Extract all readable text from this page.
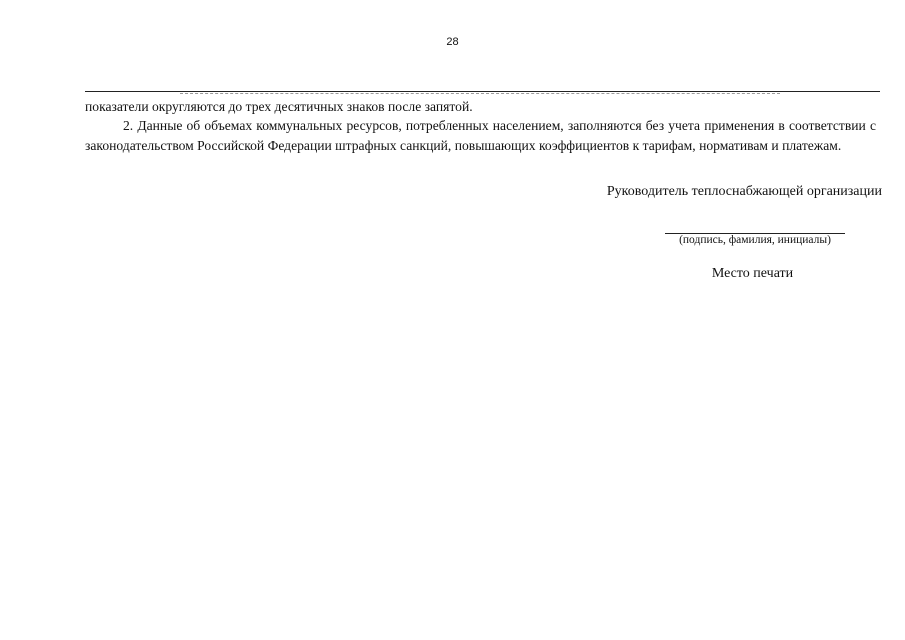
28

показатели округляются до трех десятичных знаков после запятой.

2. Данные об объемах коммунальных ресурсов, потребленных населением, заполняются без учета применения в соответствии с законодательством Российской Федерации штрафных санкций, повышающих коэффициентов к тарифам, нормативам и платежам.

Руководитель теплоснабжающей организации
(подпись, фамилия, инициалы)
Место печати
